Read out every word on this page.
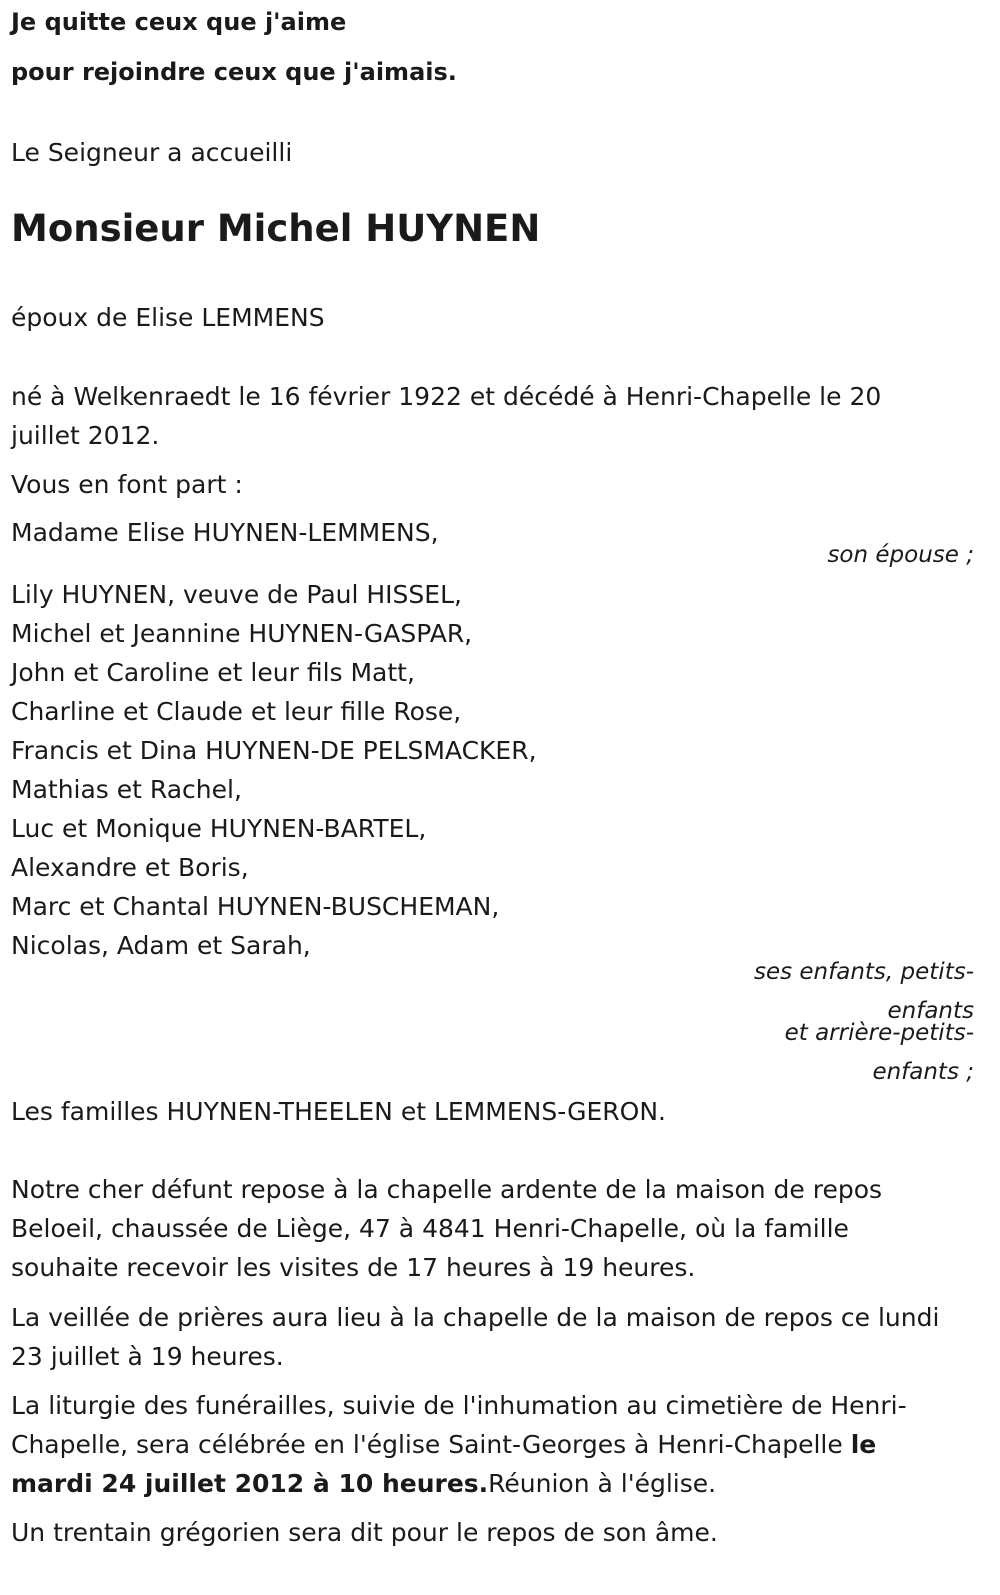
Je quitte ceux que j'aime
pour rejoindre ceux que j'aimais.
Le Seigneur a accueilli
Monsieur Michel HUYNEN
époux de Elise LEMMENS
né à Welkenraedt le 16 février 1922 et décédé à Henri-Chapelle le 20
juillet 2012.
Vous en font part :
Madame Elise HUYNEN-LEMMENS,
son épouse ;
Lily HUYNEN, veuve de Paul HISSEL,
Michel et Jeannine HUYNEN-GASPAR,
John et Caroline et leur fils Matt,
Charline et Claude et leur fille Rose,
Francis et Dina HUYNEN-DE PELSMACKER,
Mathias et Rachel,
Luc et Monique HUYNEN-BARTEL,
Alexandre et Boris,
Marc et Chantal HUYNEN-BUSCHEMAN,
Nicolas, Adam et Sarah,
ses enfants, petits-
enfants
et arrière-petits-
enfants ;
Les familles HUYNEN-THEELEN et LEMMENS-GERON.
Notre cher défunt repose à la chapelle ardente de la maison de repos
Beloeil, chaussée de Liège, 47 à 4841 Henri-Chapelle, où la famille
souhaite recevoir les visites de 17 heures à 19 heures.
La veillée de prières aura lieu à la chapelle de la maison de repos ce lundi
23 juillet à 19 heures.
La liturgie des funérailles, suivie de l'inhumation au cimetière de Henri-
Chapelle, sera célébrée en l'église Saint-Georges à Henri-Chapelle le
mardi 24 juillet 2012 à 10 heures.Réunion à l'église.
Un trentain grégorien sera dit pour le repos de son âme.
